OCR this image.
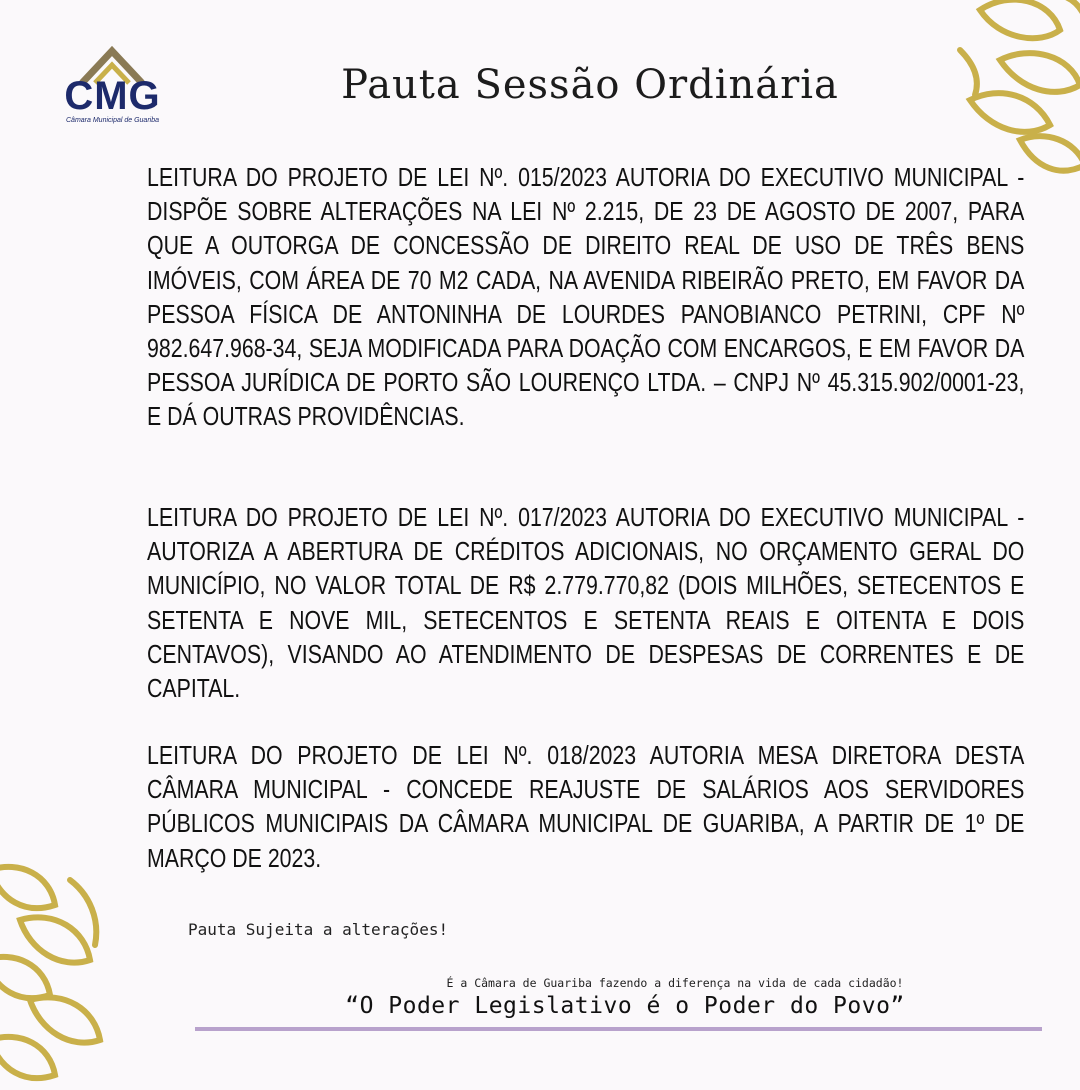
CMG
Câmara Municipal de Guariba
Pauta Sessão Ordinária

LEITURA DO PROJETO DE LEI Nº. 015/2023 AUTORIA DO EXECUTIVO MUNICIPAL - DISPÕE SOBRE ALTERAÇÕES NA LEI Nº 2.215, DE 23 DE AGOSTO DE 2007, PARA QUE A OUTORGA DE CONCESSÃO DE DIREITO REAL DE USO DE TRÊS BENS IMÓVEIS, COM ÁREA DE 70 M2 CADA, NA AVENIDA RIBEIRÃO PRETO, EM FAVOR DA PESSOA FÍSICA DE ANTONINHA DE LOURDES PANOBIANCO PETRINI, CPF Nº 982.647.968-34, SEJA MODIFICADA PARA DOAÇÃO COM ENCARGOS, E EM FAVOR DA PESSOA JURÍDICA DE PORTO SÃO LOURENÇO LTDA. – CNPJ Nº 45.315.902/0001-23, E DÁ OUTRAS PROVIDÊNCIAS.

LEITURA DO PROJETO DE LEI Nº. 017/2023 AUTORIA DO EXECUTIVO MUNICIPAL - AUTORIZA A ABERTURA DE CRÉDITOS ADICIONAIS, NO ORÇAMENTO GERAL DO MUNICÍPIO, NO VALOR TOTAL DE R$ 2.779.770,82 (DOIS MILHÕES, SETECENTOS E SETENTA E NOVE MIL, SETECENTOS E SETENTA REAIS E OITENTA E DOIS CENTAVOS), VISANDO AO ATENDIMENTO DE DESPESAS DE CORRENTES E DE CAPITAL.

LEITURA DO PROJETO DE LEI Nº. 018/2023 AUTORIA MESA DIRETORA DESTA CÂMARA MUNICIPAL - CONCEDE REAJUSTE DE SALÁRIOS AOS SERVIDORES PÚBLICOS MUNICIPAIS DA CÂMARA MUNICIPAL DE GUARIBA, A PARTIR DE 1º DE MARÇO DE 2023.

Pauta Sujeita a alterações!
É a Câmara de Guariba fazendo a diferença na vida de cada cidadão!
“O Poder Legislativo é o Poder do Povo”
